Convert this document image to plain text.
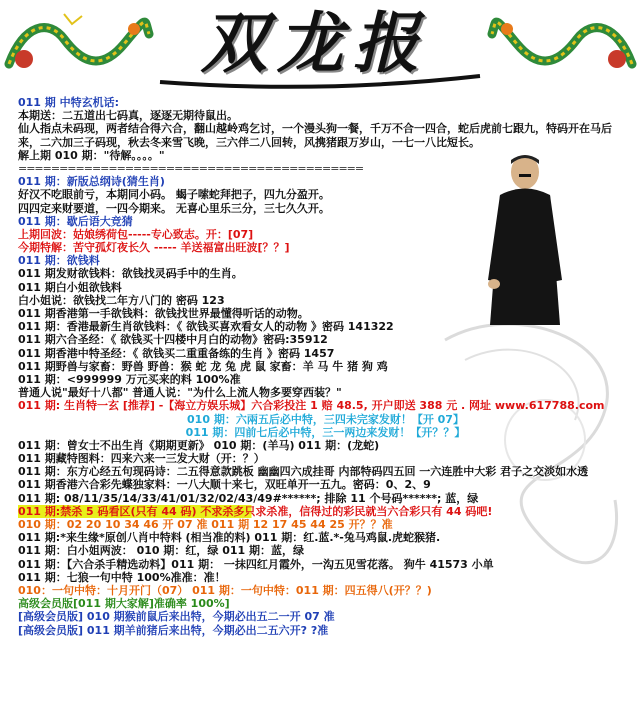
双龙报
011 期 中特玄机话:
本期送：二五道出七码真，逐逐无期待鼠出。
仙人指点未码现，两者结合得六合，翻山越岭鸡乞讨，一个漫头狗一餐，千万不合一四合，蛇后虎前七跟九，特码开在马后来，二六加三子码现，秋去冬来雪飞晚，三六伴二八回转，风携猪跟万岁山，一七一八比短长。
解上期 010 期："待解。。。。"
==========================================
011 期：新版总纲诗(猜生肖)
好汉不吃眼前亏，本期同小码。 蝎子嗦蛇拜把子，四九分盈开。
四四定来财要道，一四今期来。 无喜心里乐三分，三七久久开。
011 期：歇后语大竞猜
上期回波：姑娘绣荷包-----专心致志。开：[07]
今期特解：苦守孤灯夜长久 ----- 羊送福富出旺波[？？]
011 期：欲钱料
011 期发财欲钱料：欲钱找灵码手中的生肖。
011 期白小姐欲钱料
白小姐说：欲钱找二年方八门的 密码 123
011 期香港第一手欲钱料：欲钱找世界最懂得听话的动物。
011 期：香港最新生肖欲钱料：《 欲钱买喜欢看女人的动物 》密码 141322
011 期六合圣经：《 欲钱买十四楼中月白的动物》密码:35912
011 期香港中特圣经：《 欲钱买二重重备练的生肖 》密码 1457
011 期野兽与家畜：野兽 野兽：猴 蛇 龙 兔 虎 鼠 家畜：羊 马 牛 猪 狗 鸡
011 期：<999999 万元买来的料 100%准
普通人说"最好十八都" 普通人说："为什么上流人物多要穿西装？"
011 期: 生肖特一玄 [推荐] -【海立方娱乐城】六合彩投注 1 赔 48.5, 开户即送 388 元 . 网址 www.617788.com
010 期：六兩五后必中特，三四未完家发财！【开 07】
011 期：四前七后必中特，三一两边来发财！【开？？】
011 期：曾女士不出生肖《期期更新》 010 期：(羊马) 011 期：(龙蛇)
011 期藏特图料：四来六来一三发大财（开：？）
011 期：东方心经五句现码诗：二五得意款跳板 幽幽四六成挂哥 内部特码四五回 一六连胜中大彩 君子之交淡如水透
011 期香港六合彩先蝶独家料：一八大顺十来七，双旺单开一五九。密码：0、2、9
011 期: 08/11/35/14/33/41/01/32/02/43/49#******; 排除 11 个号码******; 蓝，绿
011 期:禁杀 5 码看区(只有 44 码) 不求杀多只求杀准，信得过的彩民就当六合彩只有 44 码吧!
010 期：02 20 10 34 46 开 07 准 011 期 12 17 45 44 25 开？？准
011 期:*来生缘*原创八肖中特料 (相当准的料) 011 期：红.蓝.*-兔马鸡鼠.虎蛇猴猪.
011 期：白小姐两波： 010 期：红，绿 011 期：蓝，绿
011 期：【六合杀手精选动料】011 期： 一抹四红月霞外，一沟五见雪花落。 狗牛 41573 小单
011 期：七狼一句中特 100%准准：准！
010：一句中特：十月开门（07） 011 期：一句中特：011 期：四五得八(开？？)
高级会员版[011 期大家解]准确率 100%]
[高级会员版] 010 期猴前鼠后来出特，今期必出五二一开 07 准
[高级会员版] 011 期羊前猪后来出特，今期必出二五六开? ?准
